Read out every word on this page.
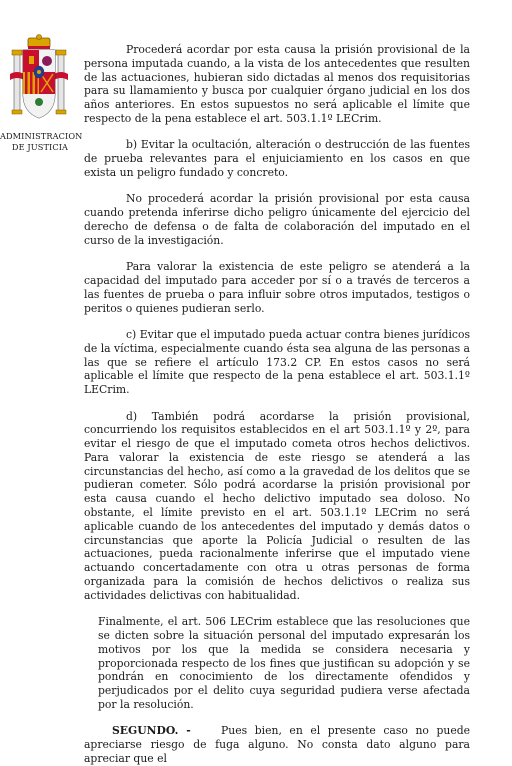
ADMINISTRACION
DE JUSTICIA

Procederá acordar por esta causa la prisión provisional de la persona imputada cuando, a la vista de los antecedentes que resulten de las actuaciones, hubieran sido dictadas al menos dos requisitorias para su llamamiento y busca por cualquier órgano judicial en los dos años anteriores. En estos supuestos no será aplicable el límite que respecto de la pena establece el art. 503.1.1º LECrim.

b) Evitar la ocultación, alteración o destrucción de las fuentes de prueba relevantes para el enjuiciamiento en los casos en que exista un peligro fundado y concreto.

No procederá acordar la prisión provisional por esta causa cuando pretenda inferirse dicho peligro únicamente del ejercicio del derecho de defensa o de falta de colaboración del imputado en el curso de la investigación.

Para valorar la existencia de este peligro se atenderá a la capacidad del imputado para acceder por sí o a través de terceros a las fuentes de prueba o para influir sobre otros imputados, testigos o peritos o quienes pudieran serlo.

c) Evitar que el imputado pueda actuar contra bienes jurídicos de la víctima, especialmente cuando ésta sea alguna de las personas a las que se refiere el artículo 173.2 CP. En estos casos no será aplicable el límite que respecto de la pena establece el art. 503.1.1º LECrim.

d) También podrá acordarse la prisión provisional, concurriendo los requisitos establecidos en el art 503.1.1º y 2º, para evitar el riesgo de que el imputado cometa otros hechos delictivos. Para valorar la existencia de este riesgo se atenderá a las circunstancias del hecho, así como a la gravedad de los delitos que se pudieran cometer. Sólo podrá acordarse la prisión provisional por esta causa cuando el hecho delictivo imputado sea doloso. No obstante, el límite previsto en el art. 503.1.1º LECrim no será aplicable cuando de los antecedentes del imputado y demás datos o circunstancias que aporte la Policía Judicial o resulten de las actuaciones, pueda racionalmente inferirse que el imputado viene actuando concertadamente con otra u otras personas de forma organizada para la comisión de hechos delictivos o realiza sus actividades delictivas con habitualidad.

Finalmente, el art. 506 LECrim establece que las resoluciones que se dicten sobre la situación personal del imputado expresarán los motivos por los que la medida se considera necesaria y proporcionada respecto de los fines que justifican su adopción y se pondrán en conocimiento de los directamente ofendidos y perjudicados por el delito cuya seguridad pudiera verse afectada por la resolución.

SEGUNDO. -	Pues bien, en el presente caso no puede apreciarse riesgo de fuga alguno. No consta dato alguno para apreciar que el
